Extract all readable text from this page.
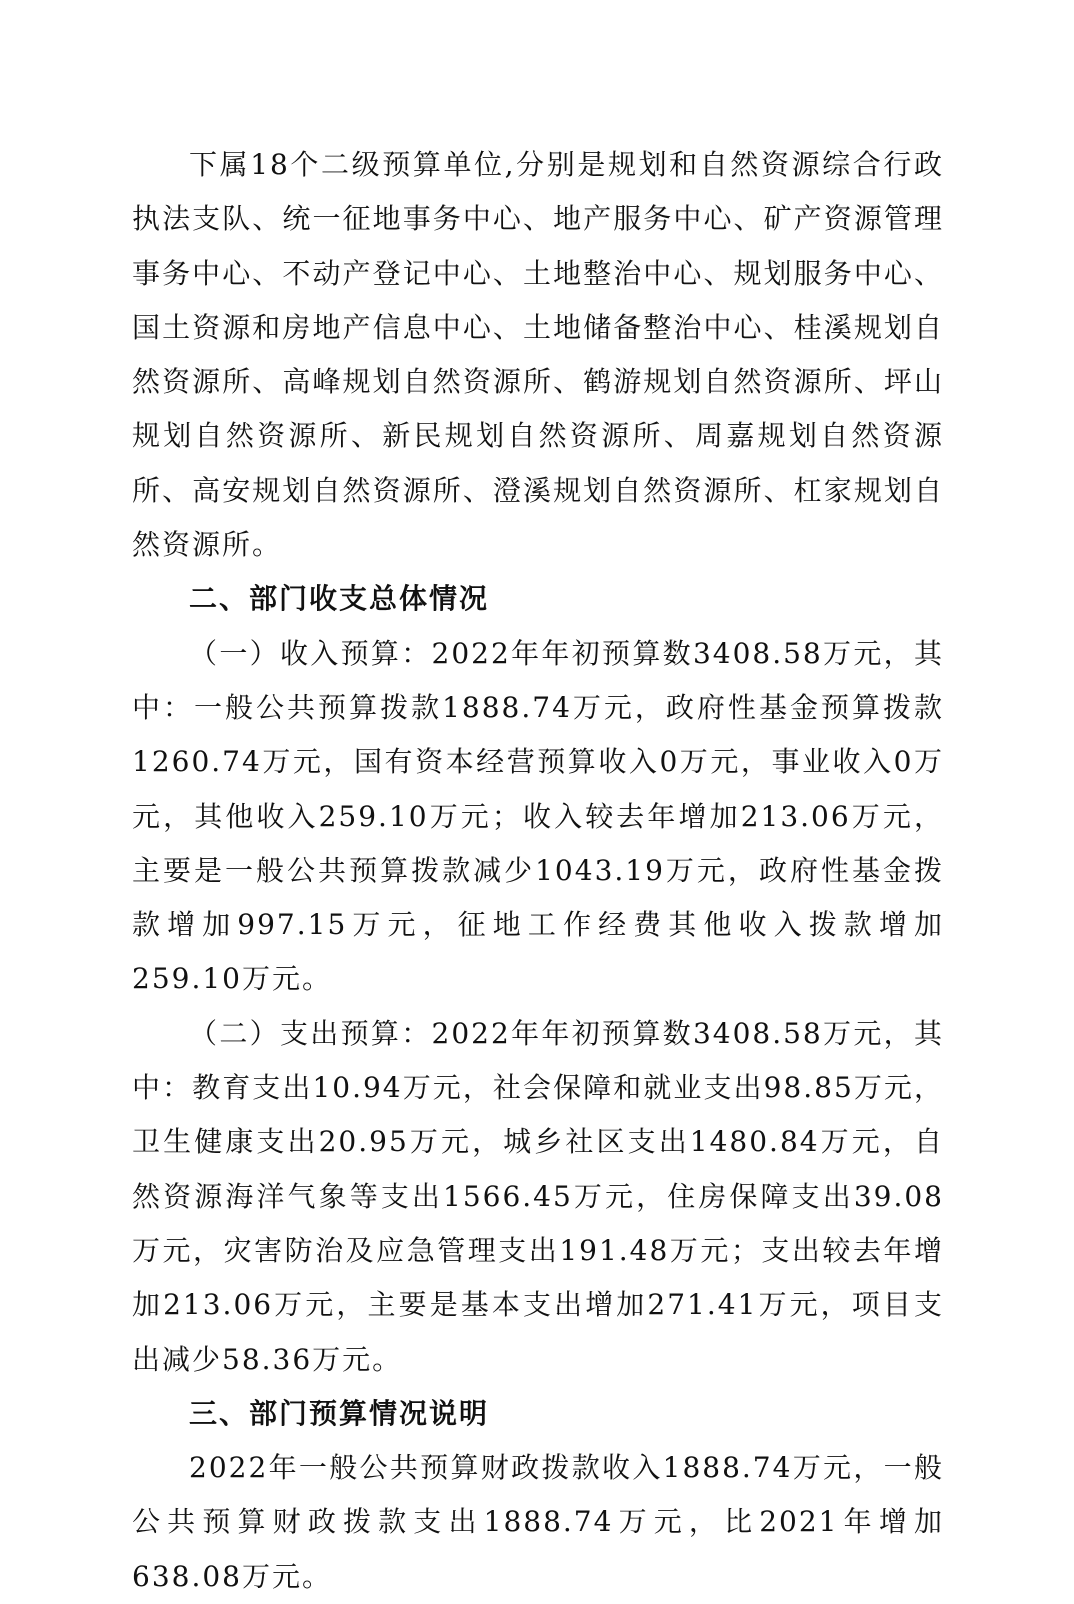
下属18个二级预算单位,分别是规划和自然资源综合行政执法支队、统一征地事务中心、地产服务中心、矿产资源管理事务中心、不动产登记中心、土地整治中心、规划服务中心、国土资源和房地产信息中心、土地储备整治中心、桂溪规划自然资源所、高峰规划自然资源所、鹤游规划自然资源所、坪山规划自然资源所、新民规划自然资源所、周嘉规划自然资源所、高安规划自然资源所、澄溪规划自然资源所、杠家规划自然资源所。

二、部门收支总体情况

（一）收入预算：2022年年初预算数3408.58万元，其中：一般公共预算拨款1888.74万元，政府性基金预算拨款1260.74万元，国有资本经营预算收入0万元，事业收入0万元，其他收入259.10万元；收入较去年增加213.06万元，主要是一般公共预算拨款减少1043.19万元，政府性基金拨款增加997.15万元，征地工作经费其他收入拨款增加259.10万元。

（二）支出预算：2022年年初预算数3408.58万元，其中：教育支出10.94万元，社会保障和就业支出98.85万元，卫生健康支出20.95万元，城乡社区支出1480.84万元，自然资源海洋气象等支出1566.45万元，住房保障支出39.08万元，灾害防治及应急管理支出191.48万元；支出较去年增加213.06万元，主要是基本支出增加271.41万元，项目支出减少58.36万元。

三、部门预算情况说明

2022年一般公共预算财政拨款收入1888.74万元，一般公共预算财政拨款支出1888.74万元，比2021年增加638.08万元。
